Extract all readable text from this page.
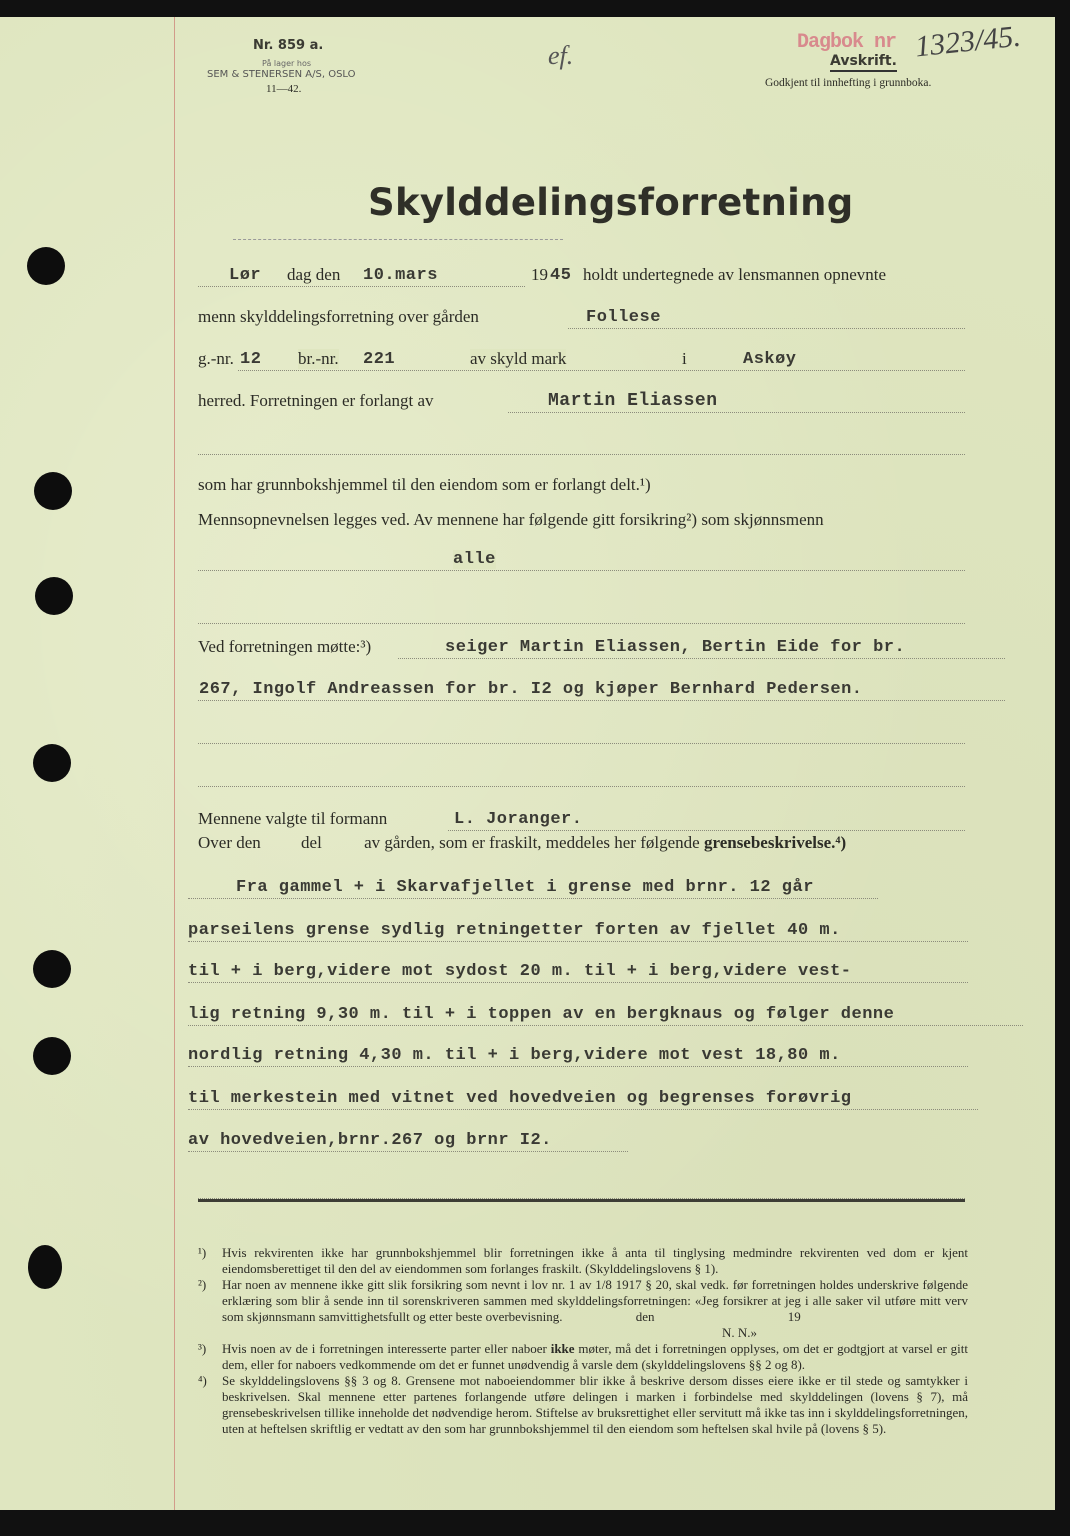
Nr. 859 a.
På lager hos
SEM & STENERSEN A/S, OSLO
11—42.
ef.	Dagbok nr 1323/45.
Avskrift.
Godkjent til innhefting i grunnboka.
Skylddelingsforretning
Lør dag den 10.mars	19 45 holdt undertegnede av lensmannen opnevnte
menn skylddelingsforretning over gården	Follese
g.-nr. 12 br.-nr. 221	av skyld mark	i	Askøy
herred. Forretningen er forlangt av	Martin Eliassen
som har grunnbokshjemmel til den eiendom som er forlangt delt.¹)
Mennsopnevnelsen legges ved. Av mennene har følgende gitt forsikring²) som skjønnsmenn
alle
Ved forretningen møtte:³)	seiger Martin Eliassen, Bertin Eide for br.
267, Ingolf Andreassen for br. I2 og kjøper Bernhard Pedersen.
Mennene valgte til formann	L. Joranger.
Over den del av gården, som er fraskilt, meddeles her følgende grensebeskrivelse.⁴)
Fra gammel + i Skarvafjellet i grense med brnr. 12 går
parseilens grense sydlig retningetter forten av fjellet 40 m.
til + i berg,videre mot sydost 20 m. til + i berg,videre vest-
lig retning 9,30 m. til + i toppen av en bergknaus og følger denne
nordlig retning 4,30 m. til + i berg,videre mot vest 18,80 m.
til merkestein med vitnet ved hovedveien og begrenses forøvrig
av hovedveien,brnr.267 og brnr I2.
¹) Hvis rekvirenten ikke har grunnbokshjemmel blir forretningen ikke å anta til tinglysing medmindre rekvirenten ved dom er kjent eiendomsberettiget til den del av eiendommen som forlanges fraskilt. (Skylddelingslovens § 1).
²) Har noen av mennene ikke gitt slik forsikring som nevnt i lov nr. 1 av 1/8 1917 § 20, skal vedk. før forretningen holdes underskrive følgende erklæring som blir å sende inn til sorenskriveren sammen med skylddelingsforretningen: «Jeg forsikrer at jeg i alle saker vil utføre mitt verv som skjønnsmann samvittighetsfullt og etter beste overbevisning.	den	19
N. N.»
³) Hvis noen av de i forretningen interesserte parter eller naboer ikke møter, må det i forretningen opplyses, om det er godtgjort at varsel er gitt dem, eller for naboers vedkommende om det er funnet unødvendig å varsle dem (skylddelingslovens §§ 2 og 8).
⁴) Se skylddelingslovens §§ 3 og 8. Grensene mot naboeiendommer blir ikke å beskrive dersom disses eiere ikke er til stede og samtykker i beskrivelsen. Skal mennene etter partenes forlangende utføre delingen i marken i forbindelse med skylddelingen (lovens § 7), må grensebeskrivelsen tillike inneholde det nødvendige herom. Stiftelse av bruksrettighet eller servitutt må ikke tas inn i skylddelingsforretningen, uten at heftelsen skriftlig er vedtatt av den som har grunnbokshjemmel til den eiendom som heftelsen skal hvile på (lovens § 5).
